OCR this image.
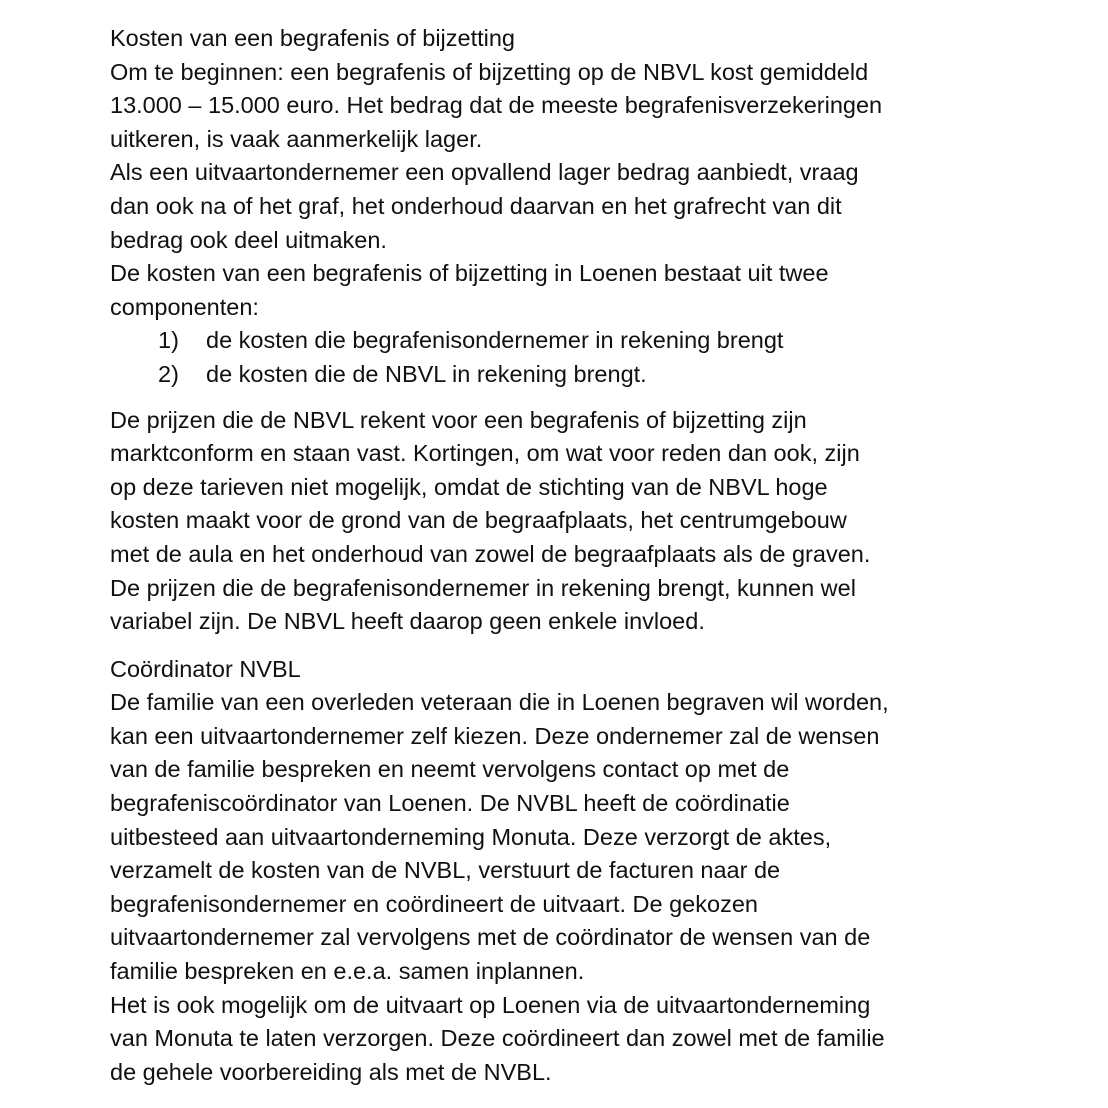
Kosten van een begrafenis of bijzetting

Om te beginnen: een begrafenis of bijzetting op de NBVL kost gemiddeld
13.000 – 15.000 euro. Het bedrag dat de meeste begrafenisverzekeringen
uitkeren, is vaak aanmerkelijk lager.

Als een uitvaartondernemer een opvallend lager bedrag aanbiedt, vraag
dan ook na of het graf, het onderhoud daarvan en het grafrecht van dit
bedrag ook deel uitmaken.

De kosten van een begrafenis of bijzetting in Loenen bestaat uit twee
componenten:

1)	de kosten die begrafenisondernemer in rekening brengt
2)	de kosten die de NBVL in rekening brengt.

De prijzen die de NBVL rekent voor een begrafenis of bijzetting zijn
marktconform en staan vast. Kortingen, om wat voor reden dan ook, zijn
op deze tarieven niet mogelijk, omdat de stichting van de NBVL hoge
kosten maakt voor de grond van de begraafplaats, het centrumgebouw
met de aula en het onderhoud van zowel de begraafplaats als de graven.
De prijzen die de begrafenisondernemer in rekening brengt, kunnen wel
variabel zijn. De NBVL heeft daarop geen enkele invloed.

Coördinator NVBL

De familie van een overleden veteraan die in Loenen begraven wil worden,
kan een uitvaartondernemer zelf kiezen. Deze ondernemer zal de wensen
van de familie bespreken en neemt vervolgens contact op met de
begrafeniscoördinator van Loenen. De NVBL heeft de coördinatie
uitbesteed aan uitvaartonderneming Monuta. Deze verzorgt de aktes,
verzamelt de kosten van de NVBL, verstuurt de facturen naar de
begrafenisondernemer en coördineert de uitvaart. De gekozen
uitvaartondernemer zal vervolgens met de coördinator de wensen van de
familie bespreken en e.e.a. samen inplannen.

Het is ook mogelijk om de uitvaart op Loenen via de uitvaartonderneming
van Monuta te laten verzorgen. Deze coördineert dan zowel met de familie
de gehele voorbereiding als met de NVBL.
